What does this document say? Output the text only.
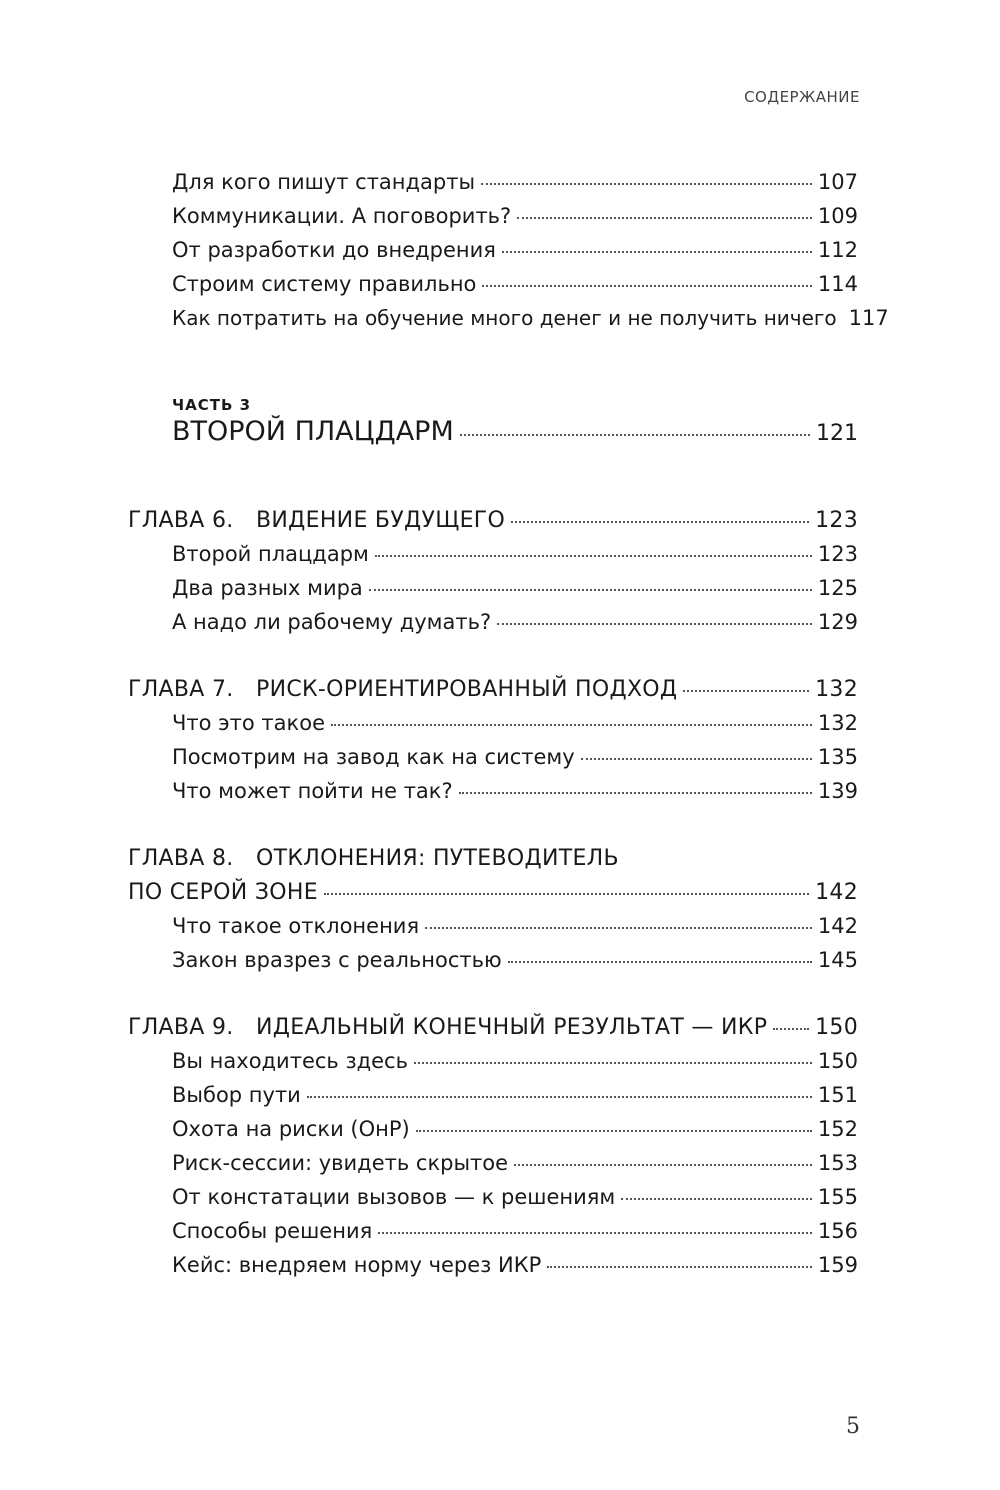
СОДЕРЖАНИЕ
Для кого пишут стандарты	107
Коммуникации. А поговорить?	109
От разработки до внедрения	112
Строим систему правильно	114
Как потратить на обучение много денег и не получить ничего 117
ЧАСТЬ 3
ВТОРОЙ ПЛАЦДАРМ	121
ГЛАВА 6. ВИДЕНИЕ БУДУЩЕГО	123
Второй плацдарм	123
Два разных мира	125
А надо ли рабочему думать?	129
ГЛАВА 7. РИСК-ОРИЕНТИРОВАННЫЙ ПОДХОД	132
Что это такое	132
Посмотрим на завод как на систему	135
Что может пойти не так?	139
ГЛАВА 8. ОТКЛОНЕНИЯ: ПУТЕВОДИТЕЛЬ
ПО СЕРОЙ ЗОНЕ	142
Что такое отклонения	142
Закон вразрез с реальностью	145
ГЛАВА 9. ИДЕАЛЬНЫЙ КОНЕЧНЫЙ РЕЗУЛЬТАТ — ИКР 150
Вы находитесь здесь	150
Выбор пути	151
Охота на риски (ОнР)	152
Риск-сессии: увидеть скрытое	153
От констатации вызовов — к решениям	155
Способы решения	156
Кейс: внедряем норму через ИКР	159
5
